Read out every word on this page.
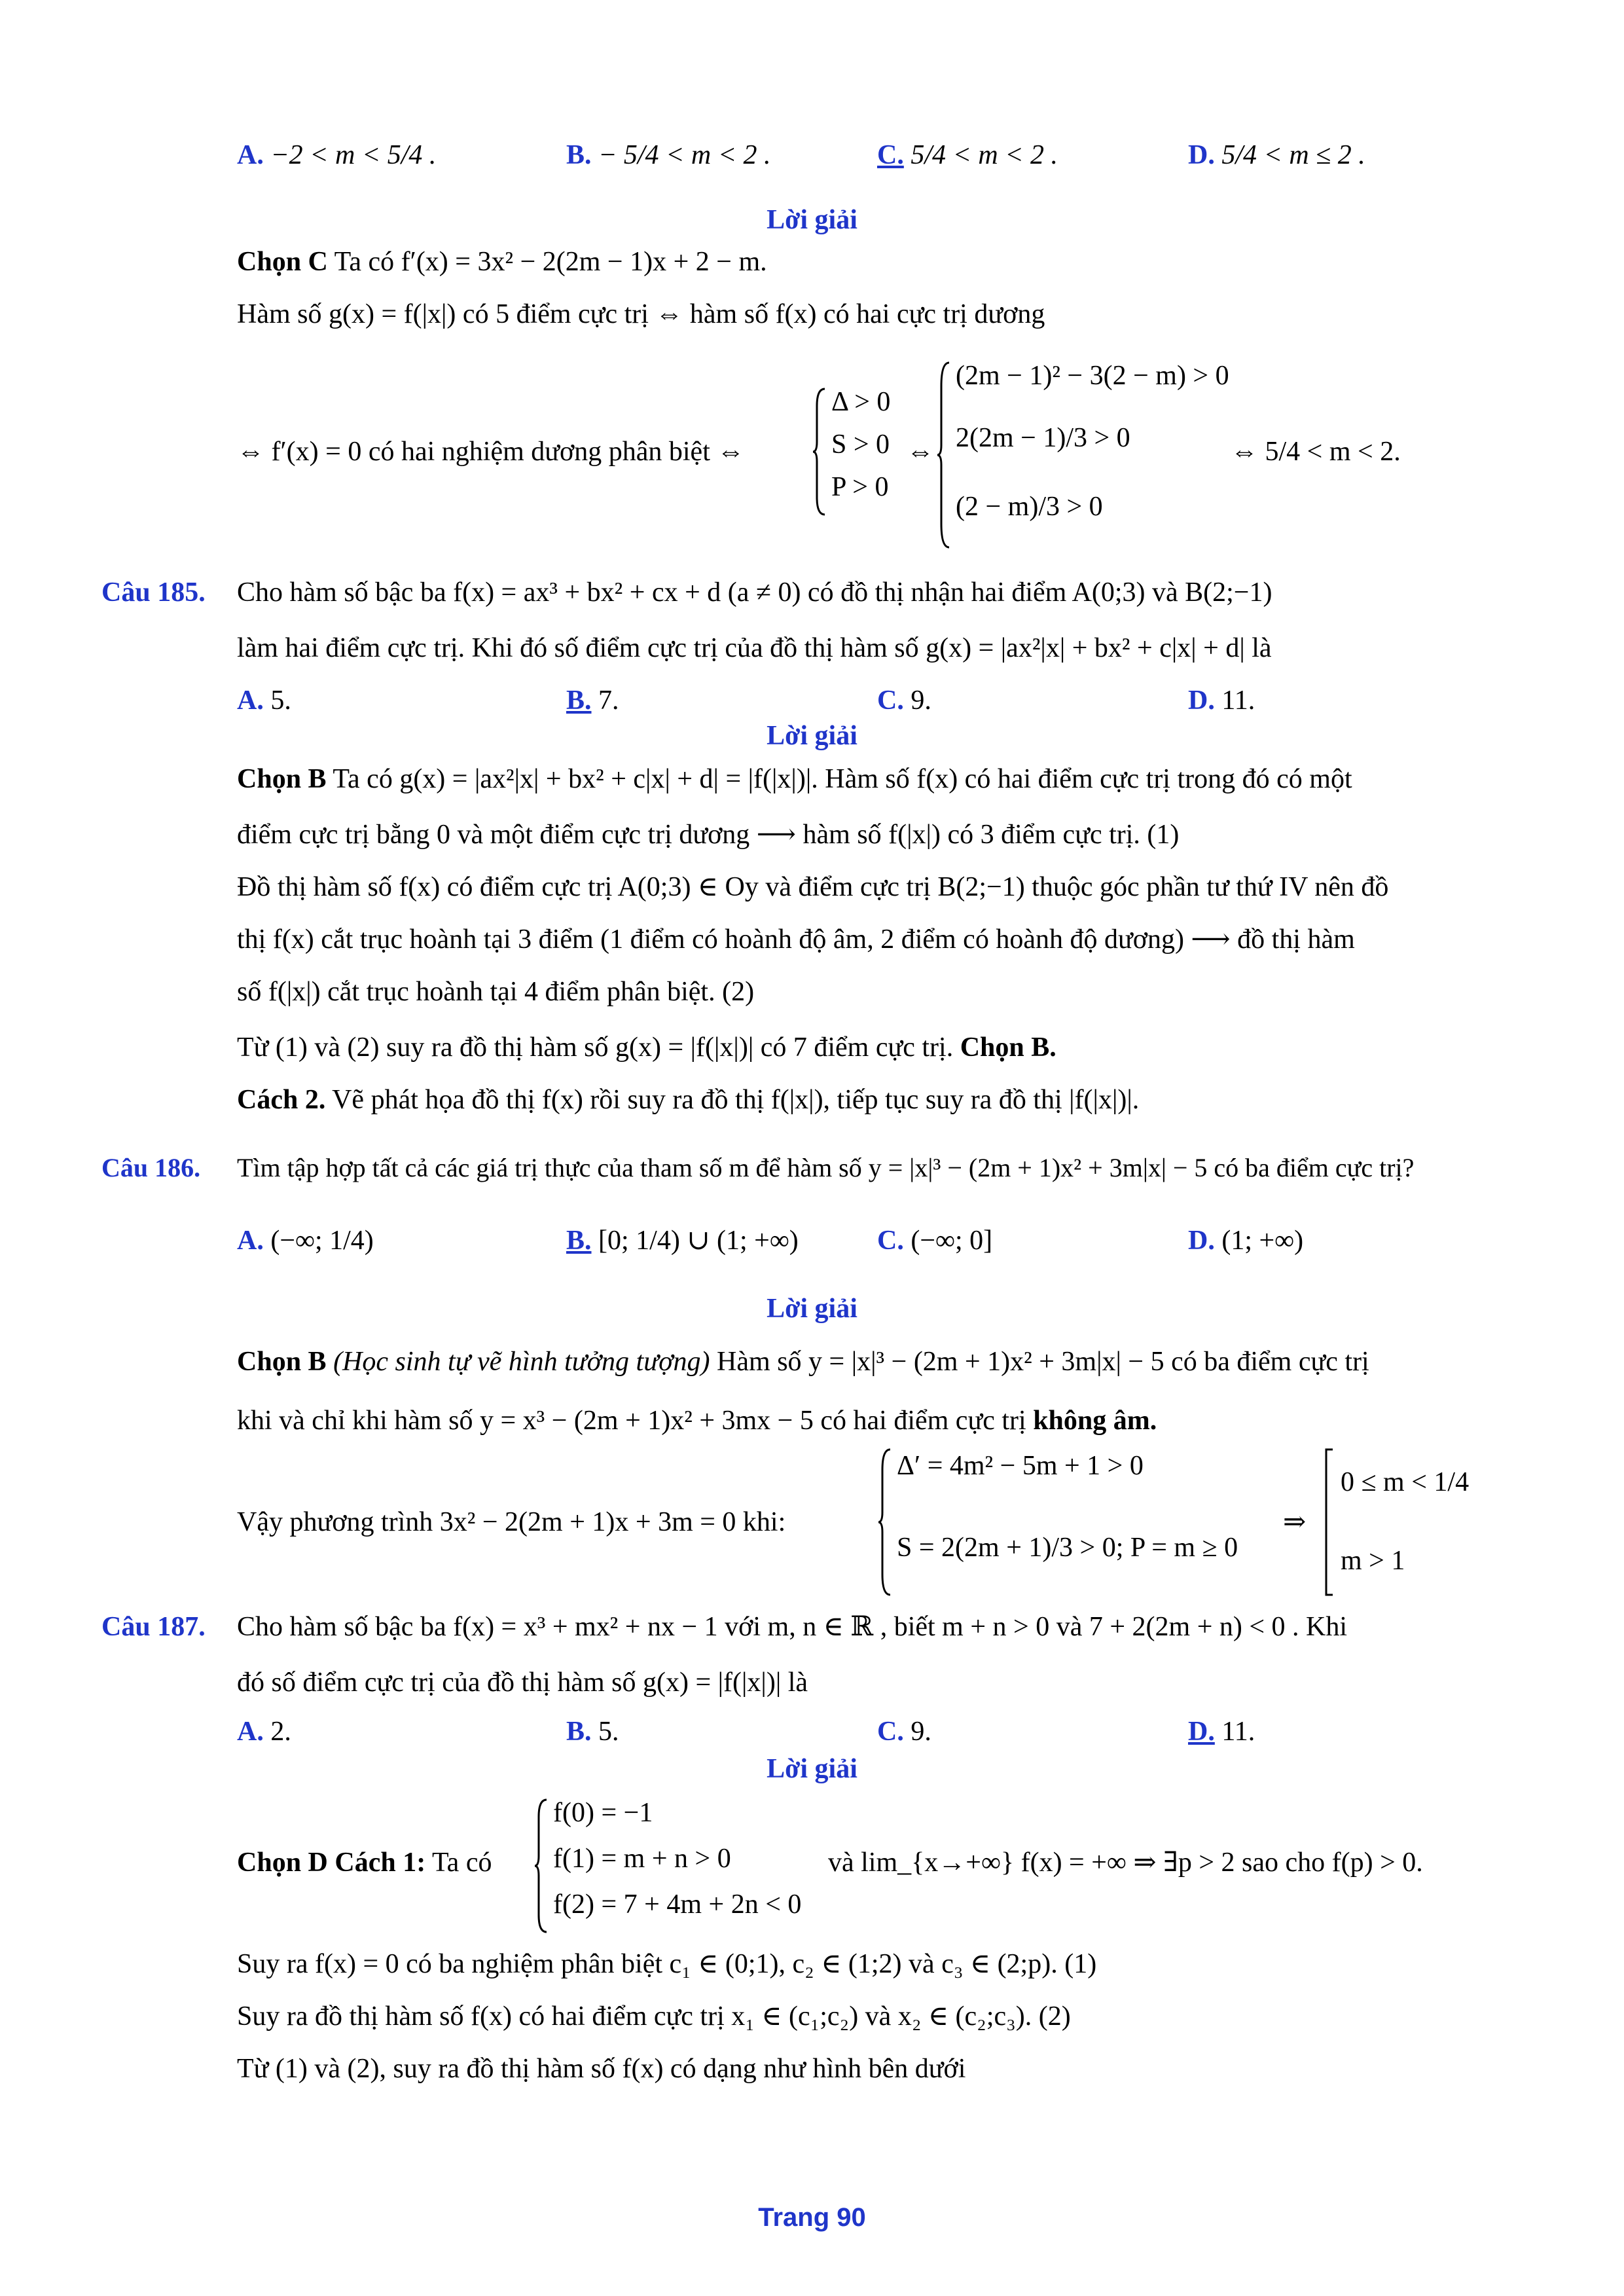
A. −2 < m < 5/4 .	B. − 5/4 < m < 2 .	C. 5/4 < m < 2 .	D. 5/4 < m ≤ 2 .
Lời giải
Chọn C Ta có f′(x) = 3x² − 2(2m − 1)x + 2 − m.
Hàm số g(x) = f(|x|) có 5 điểm cực trị ⇔ hàm số f(x) có hai cực trị dương
⇔ f′(x) = 0 có hai nghiệm dương phân biệt ⇔
Δ > 0
S > 0
P > 0
⇔
(2m − 1)² − 3(2 − m) > 0
2(2m − 1)/3 > 0
(2 − m)/3 > 0
⇔ 5/4 < m < 2.
Câu 185. Cho hàm số bậc ba f(x) = ax³ + bx² + cx + d (a ≠ 0) có đồ thị nhận hai điểm A(0;3) và B(2;−1)
làm hai điểm cực trị. Khi đó số điểm cực trị của đồ thị hàm số g(x) = |ax²|x| + bx² + c|x| + d| là
A. 5.	B. 7.	C. 9.	D. 11.
Lời giải
Chọn B Ta có g(x) = |ax²|x| + bx² + c|x| + d| = |f(|x|)|. Hàm số f(x) có hai điểm cực trị trong đó có một
điểm cực trị bằng 0 và một điểm cực trị dương ⟶ hàm số f(|x|) có 3 điểm cực trị. (1)
Đồ thị hàm số f(x) có điểm cực trị A(0;3) ∈ Oy và điểm cực trị B(2;−1) thuộc góc phần tư thứ IV nên đồ
thị f(x) cắt trục hoành tại 3 điểm (1 điểm có hoành độ âm, 2 điểm có hoành độ dương) ⟶ đồ thị hàm
số f(|x|) cắt trục hoành tại 4 điểm phân biệt. (2)
Từ (1) và (2) suy ra đồ thị hàm số g(x) = |f(|x|)| có 7 điểm cực trị. Chọn B.
Cách 2. Vẽ phát họa đồ thị f(x) rồi suy ra đồ thị f(|x|), tiếp tục suy ra đồ thị |f(|x|)|.
Câu 186. Tìm tập hợp tất cả các giá trị thực của tham số m để hàm số y = |x|³ − (2m + 1)x² + 3m|x| − 5 có ba điểm cực trị?
A. (−∞; 1/4)	B. [0; 1/4) ∪ (1; +∞)	C. (−∞; 0]	D. (1; +∞)
Lời giải
Chọn B (Học sinh tự vẽ hình tưởng tượng) Hàm số y = |x|³ − (2m + 1)x² + 3m|x| − 5 có ba điểm cực trị
khi và chỉ khi hàm số y = x³ − (2m + 1)x² + 3mx − 5 có hai điểm cực trị không âm.
Vậy phương trình 3x² − 2(2m + 1)x + 3m = 0 khi:
Δ′ = 4m² − 5m + 1 > 0
S = 2(2m + 1)/3 > 0; P = m ≥ 0
⇒
0 ≤ m < 1/4
m > 1
Câu 187. Cho hàm số bậc ba f(x) = x³ + mx² + nx − 1 với m, n ∈ ℝ , biết m + n > 0 và 7 + 2(2m + n) < 0 . Khi
đó số điểm cực trị của đồ thị hàm số g(x) = |f(|x|)| là
A. 2.	B. 5.	C. 9.	D. 11.
Lời giải
Chọn D Cách 1: Ta có
f(0) = −1
f(1) = m + n > 0
f(2) = 7 + 4m + 2n < 0
và lim_{x→+∞} f(x) = +∞ ⇒ ∃p > 2 sao cho f(p) > 0.
Suy ra f(x) = 0 có ba nghiệm phân biệt c₁ ∈ (0;1), c₂ ∈ (1;2) và c₃ ∈ (2;p). (1)
Suy ra đồ thị hàm số f(x) có hai điểm cực trị x₁ ∈ (c₁;c₂) và x₂ ∈ (c₂;c₃). (2)
Từ (1) và (2), suy ra đồ thị hàm số f(x) có dạng như hình bên dưới
Trang 90
